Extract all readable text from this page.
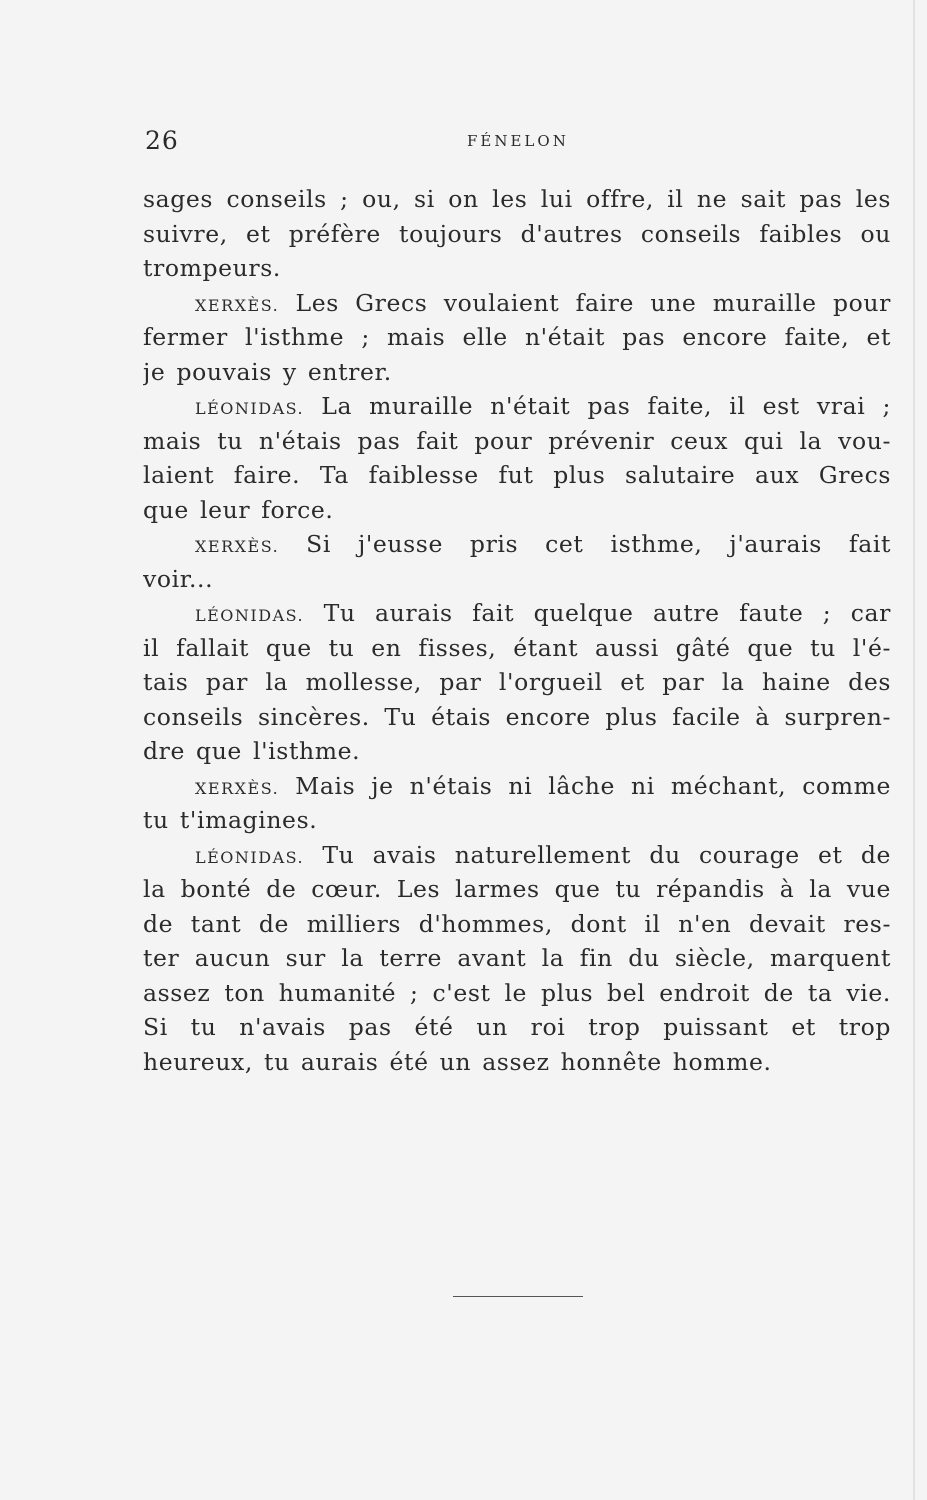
26	FÉNELON
sages conseils ; ou, si on les lui offre, il ne sait pas les
suivre, et préfère toujours d'autres conseils faibles ou
trompeurs.
XERXÈS. Les Grecs voulaient faire une muraille pour
fermer l'isthme ; mais elle n'était pas encore faite, et
je pouvais y entrer.
LÉONIDAS. La muraille n'était pas faite, il est vrai ;
mais tu n'étais pas fait pour prévenir ceux qui la vou-
laient faire. Ta faiblesse fut plus salutaire aux Grecs
que leur force.
XERXÈS. Si j'eusse pris cet isthme, j'aurais fait
voir...
LÉONIDAS. Tu aurais fait quelque autre faute ; car
il fallait que tu en fisses, étant aussi gâté que tu l'é-
tais par la mollesse, par l'orgueil et par la haine des
conseils sincères. Tu étais encore plus facile à surpren-
dre que l'isthme.
XERXÈS. Mais je n'étais ni lâche ni méchant, comme
tu t'imagines.
LÉONIDAS. Tu avais naturellement du courage et de
la bonté de cœur. Les larmes que tu répandis à la vue
de tant de milliers d'hommes, dont il n'en devait res-
ter aucun sur la terre avant la fin du siècle, marquent
assez ton humanité ; c'est le plus bel endroit de ta vie.
Si tu n'avais pas été un roi trop puissant et trop
heureux, tu aurais été un assez honnête homme.
